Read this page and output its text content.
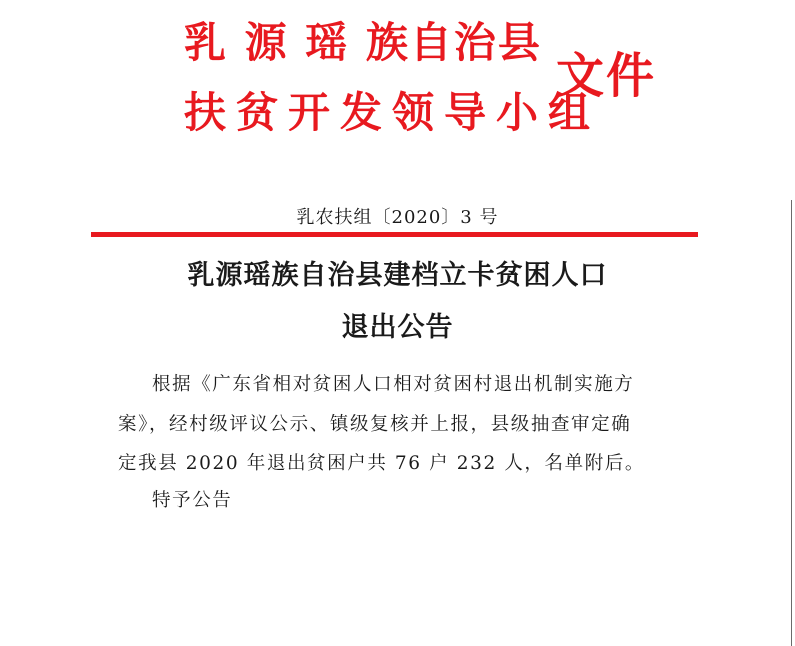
乳 源 瑶 族自治县
扶贫开发领导小组
文件
乳农扶组〔2020〕3 号
乳源瑶族自治县建档立卡贫困人口
退出公告
根据《广东省相对贫困人口相对贫困村退出机制实施方
案》，经村级评议公示、镇级复核并上报，县级抽查审定确
定我县 2020 年退出贫困户共 76 户 232 人，名单附后。
特予公告
